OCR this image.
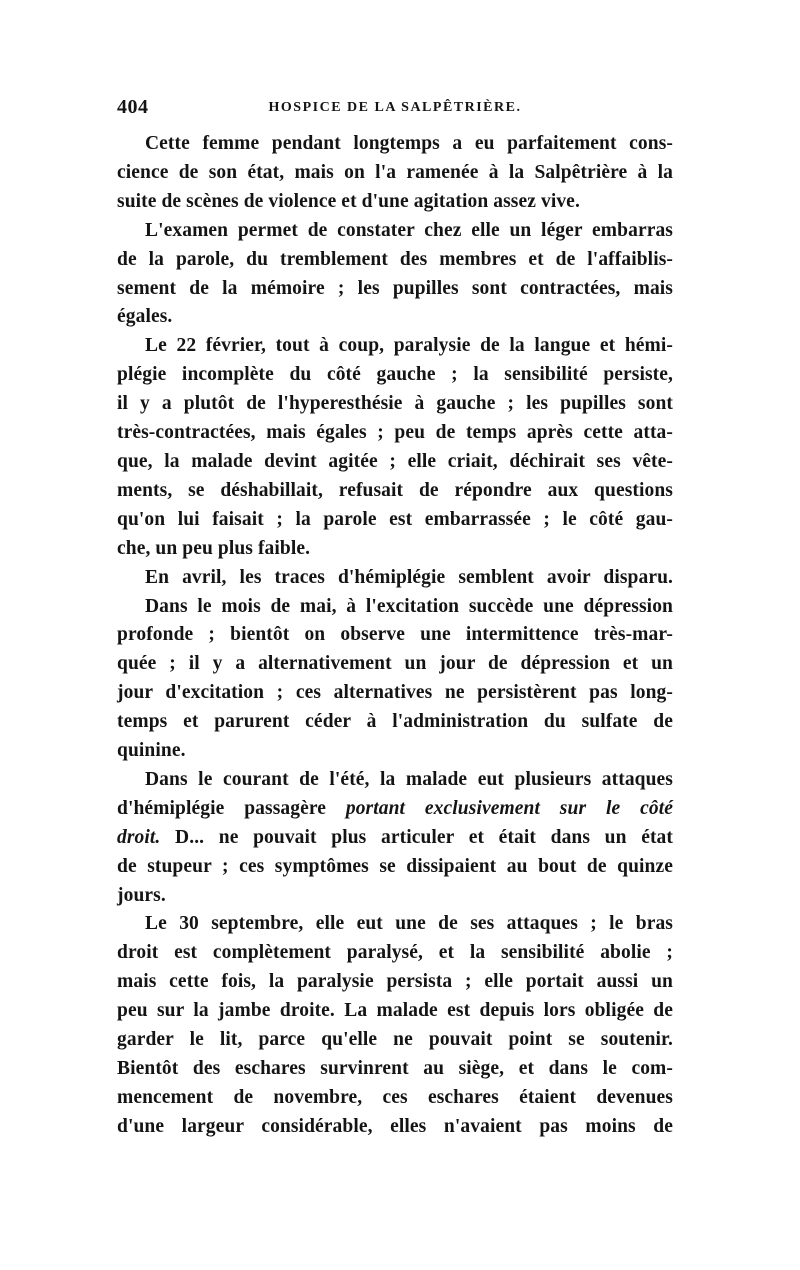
404	HOSPICE DE LA SALPÊTRIÈRE.

Cette femme pendant longtemps a eu parfaitement cons-
cience de son état, mais on l'a ramenée à la Salpêtrière à la
suite de scènes de violence et d'une agitation assez vive.

L'examen permet de constater chez elle un léger embarras
de la parole, du tremblement des membres et de l'affaiblis-
sement de la mémoire ; les pupilles sont contractées, mais
égales.

Le 22 février, tout à coup, paralysie de la langue et hémi-
plégie incomplète du côté gauche ; la sensibilité persiste,
il y a plutôt de l'hyperesthésie à gauche ; les pupilles sont
très-contractées, mais égales ; peu de temps après cette atta-
que, la malade devint agitée ; elle criait, déchirait ses vête-
ments, se déshabillait, refusait de répondre aux questions
qu'on lui faisait ; la parole est embarrassée ; le côté gau-
che, un peu plus faible.

En avril, les traces d'hémiplégie semblent avoir disparu.

Dans le mois de mai, à l'excitation succède une dépression
profonde ; bientôt on observe une intermittence très-mar-
quée ; il y a alternativement un jour de dépression et un
jour d'excitation ; ces alternatives ne persistèrent pas long-
temps et parurent céder à l'administration du sulfate de
quinine.

Dans le courant de l'été, la malade eut plusieurs attaques
d'hémiplégie passagère portant exclusivement sur le côté
droit. D... ne pouvait plus articuler et était dans un état
de stupeur ; ces symptômes se dissipaient au bout de quinze
jours.

Le 30 septembre, elle eut une de ses attaques ; le bras
droit est complètement paralysé, et la sensibilité abolie ;
mais cette fois, la paralysie persista ; elle portait aussi un
peu sur la jambe droite. La malade est depuis lors obligée de
garder le lit, parce qu'elle ne pouvait point se soutenir.
Bientôt des eschares survinrent au siège, et dans le com-
mencement de novembre, ces eschares étaient devenues
d'une largeur considérable, elles n'avaient pas moins de
